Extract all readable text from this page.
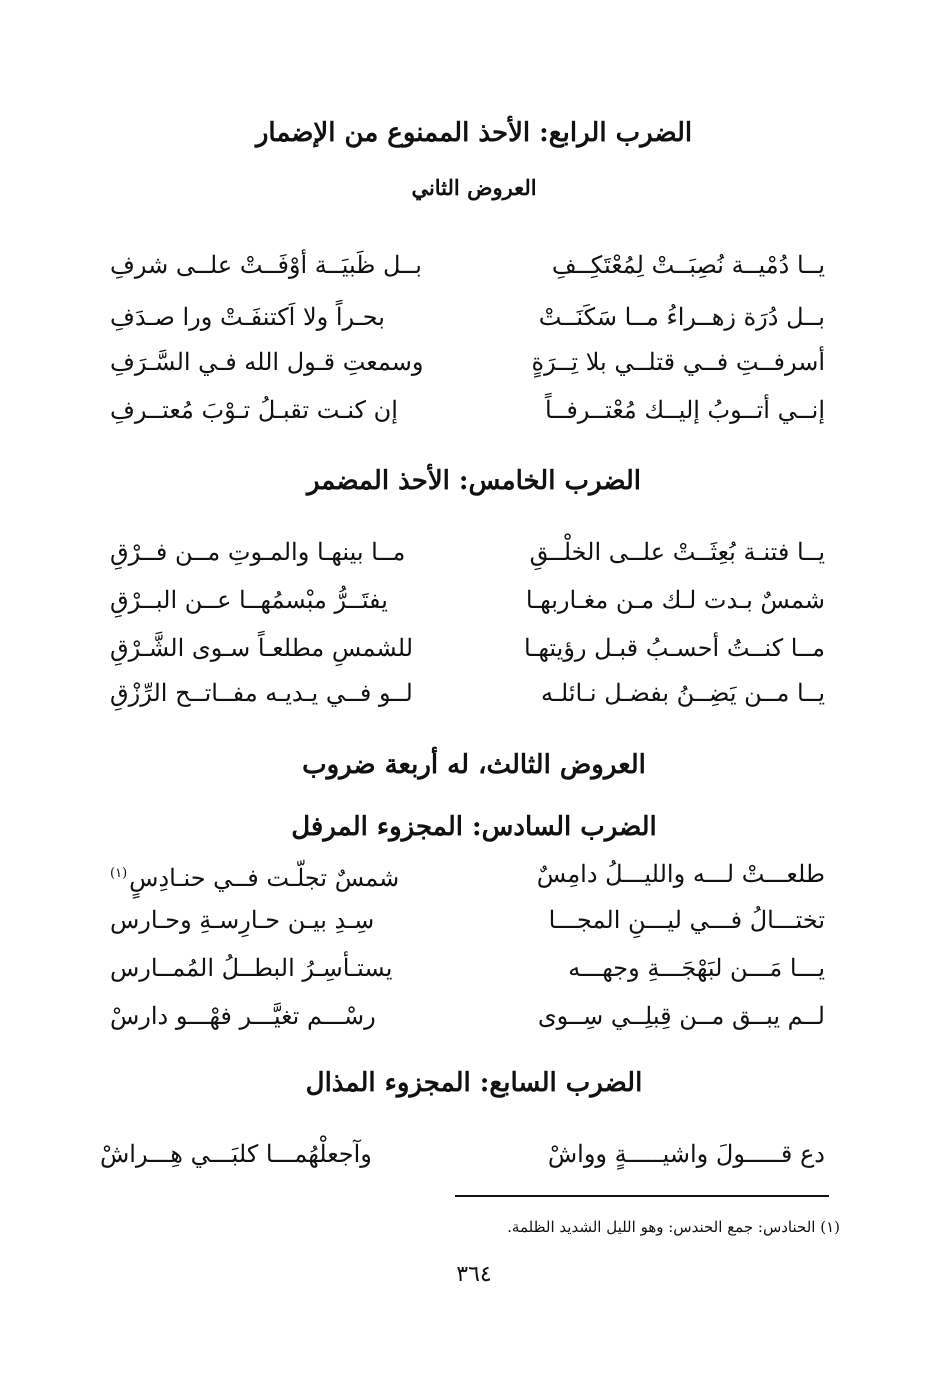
الضرب الرابع: الأحذ الممنوع من الإضمار
العروض الثاني
يــا دُمْيــة نُصِبَــتْ لِمُعْتَكِــفِ
بــل ظَبيَــة أوْفَــتْ علــى شرفِ
بــل دُرَة زهــراءُ مــا سَكَنَــتْ
بحـراً ولا اَكتنفَـتْ ورا صـدَفِ
أسرفــتِ فــي قتلــي بلا تِــرَةٍ
وسمعتِ قـول الله فـي السَّـرَفِ
إنــي أتــوبُ إليــك مُعْتــرفــاً
إن كنـت تقبـلُ تـوْبَ مُعتــرفِ
الضرب الخامس: الأحذ المضمر
يــا فتنـة بُعِثَــتْ علــى الخلْــقِ
مــا بينهـا والمـوتِ مــن فــرْقِ
شمسٌ بـدت لـك مـن مغـاربهـا
يفتَــرُّ مبْسمُهــا عــن البــرْقِ
مــا كنــتُ أحسـبُ قبـل رؤيتهـا
للشمسِ مطلعـاً سـوى الشَّـرْقِ
يــا مــن يَضِــنُ بفضـل نـائلـه
لــو فــي يـديـه مفــاتــح الرِّزْقِ
العروض الثالث، له أربعة ضروب
الضرب السادس: المجزوء المرفل
طلعـــتْ لـــه والليـــلُ دامِسٌ
شمسٌ تجلّـت فــي حنـادِسٍ$^{(١)}$
تختـــالُ فـــي ليـــنِ المجـــا
سِـدِ بيـن حـارِسـةِ وحـارس
يـــا مَـــن لبَهْجَـــةِ وجهـــه
يستـأسِـرُ البطــلُ المُمــارس
لــم يبــق مــن قِبلِــي سِــوى
رسْـــم تغيَّـــر فهْـــو دارسْ
الضرب السابع: المجزوء المذال
دع قـــــولَ واشيـــــةٍ وواشْ
وآجعلْهُمـــا كلبَـــي هِـــراشْ
(١) الحنادس: جمع الحندس: وهو الليل الشديد الظلمة.
٣٦٤
